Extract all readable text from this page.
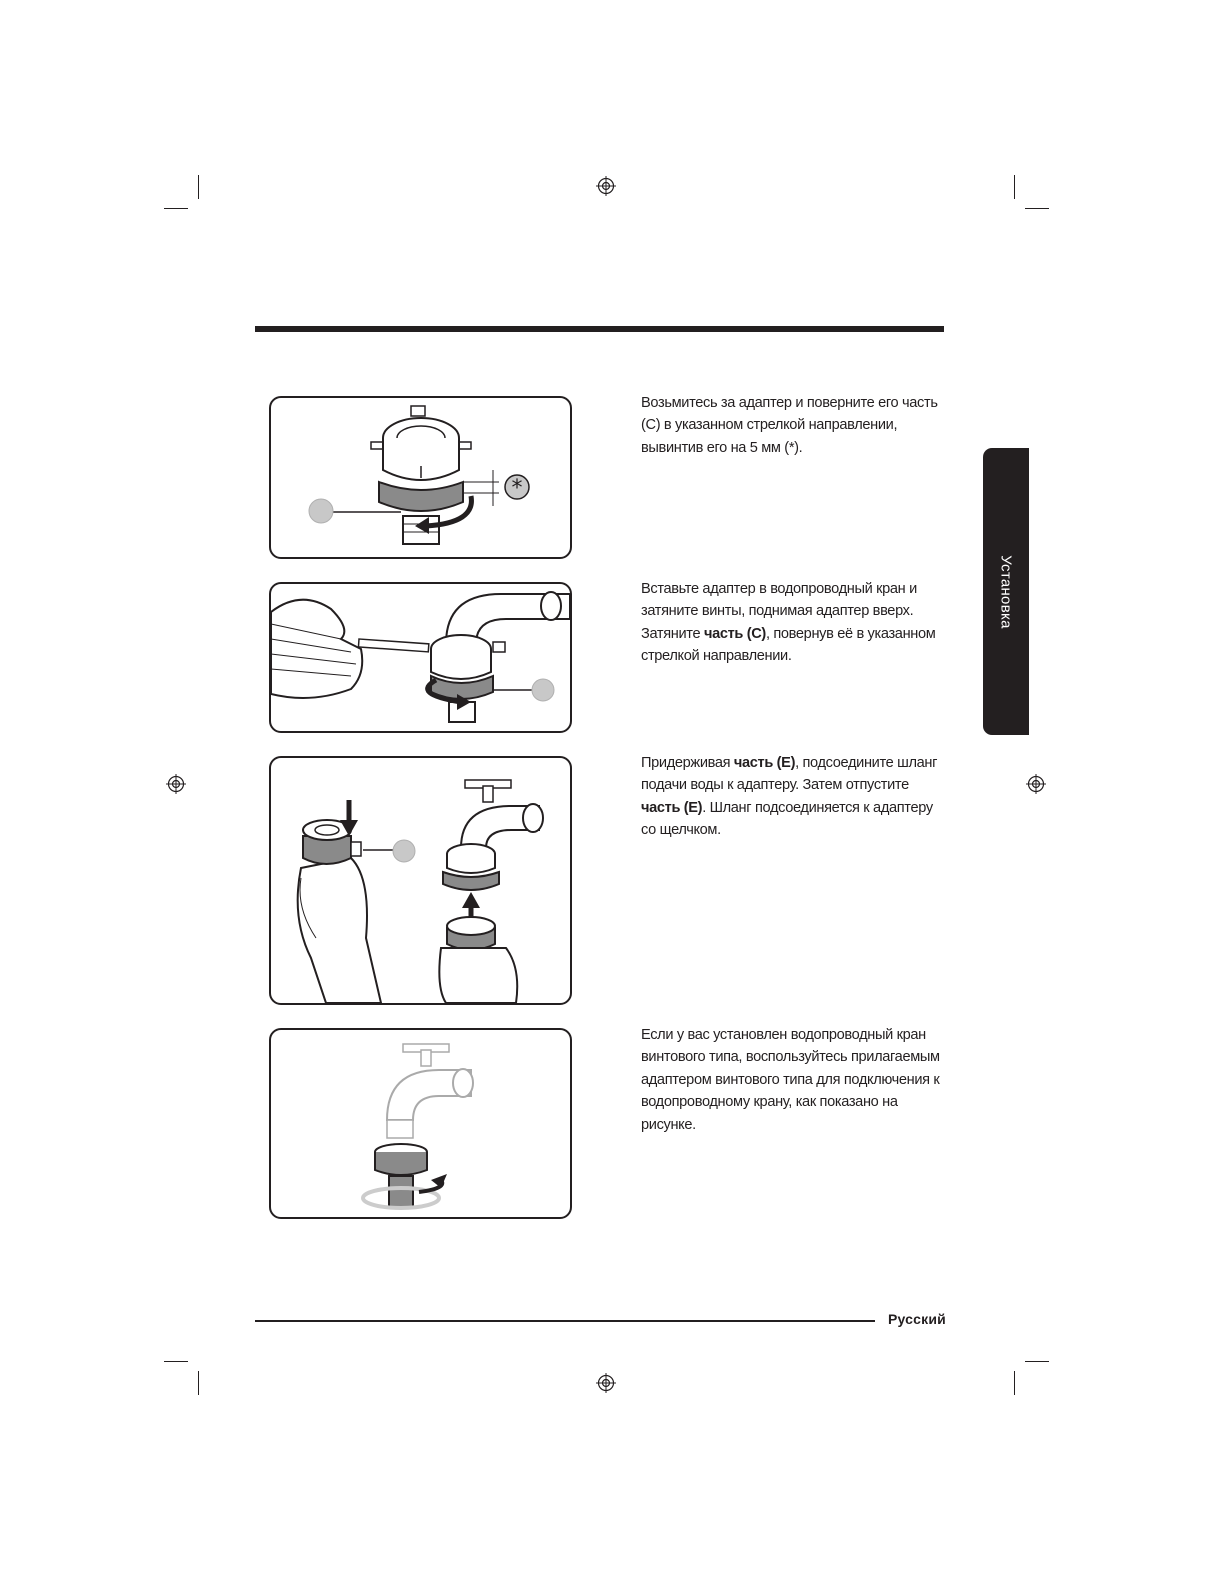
Установка
*
Возьмитесь за адаптер и поверните его часть (C) в указанном стрелкой направлении, вывинтив его на 5 мм (*).
Вставьте адаптер в водопроводный кран и затяните винты, поднимая адаптер вверх. Затяните часть (C), повернув её в указанном стрелкой направлении.
Придерживая часть (E), подсоедините шланг подачи воды к адаптеру. Затем отпустите часть (E). Шланг подсоединяется к адаптеру со щелчком.
Если у вас установлен водопроводный кран винтового типа, воспользуйтесь прилагаемым адаптером винтового типа для подключения к водопроводному крану, как показано на рисунке.
Русский
